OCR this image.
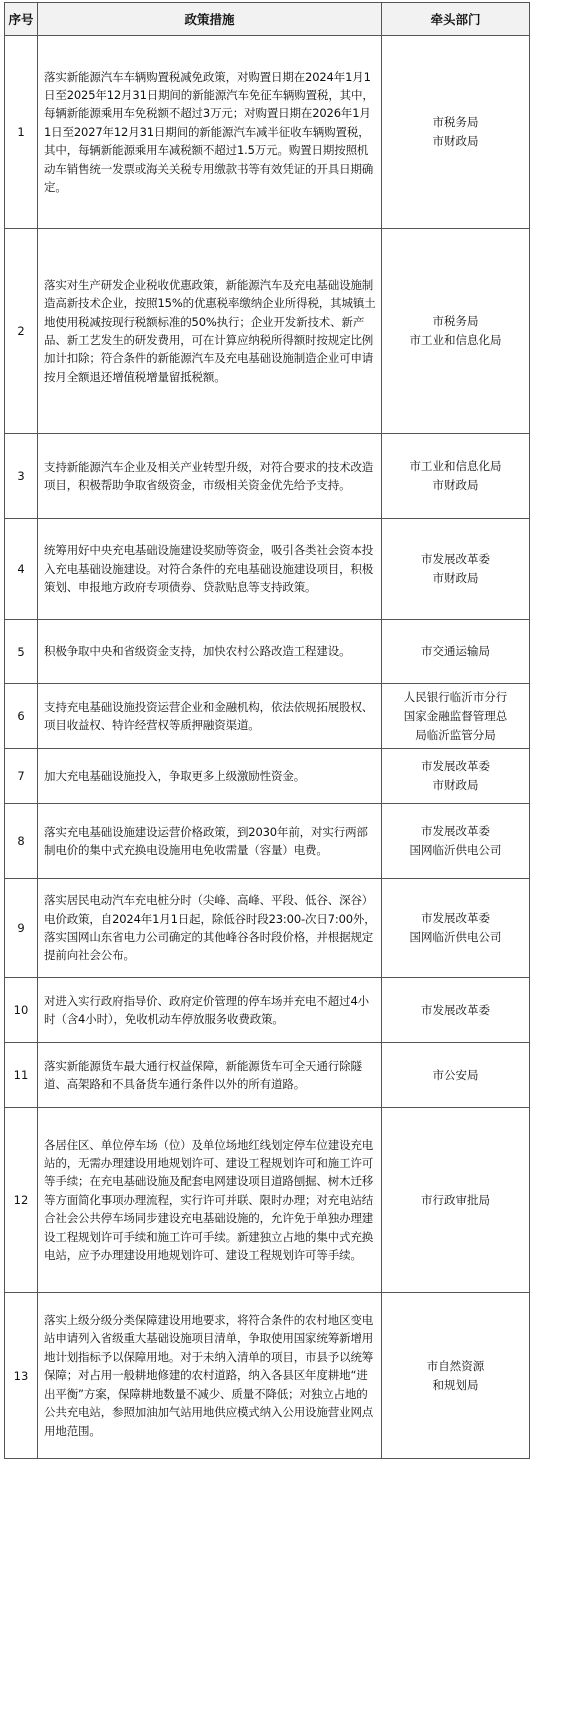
序号	政策措施	牵头部门
1	落实新能源汽车车辆购置税减免政策，对购置日期在2024年1月1日至2025年12月31日期间的新能源汽车免征车辆购置税，其中，每辆新能源乘用车免税额不超过3万元；对购置日期在2026年1月1日至2027年12月31日期间的新能源汽车减半征收车辆购置税，其中，每辆新能源乘用车减税额不超过1.5万元。购置日期按照机动车销售统一发票或海关关税专用缴款书等有效凭证的开具日期确定。	市税务局
市财政局

2	落实对生产研发企业税收优惠政策，新能源汽车及充电基础设施制造高新技术企业，按照15%的优惠税率缴纳企业所得税，其城镇土地使用税减按现行税额标准的50%执行；企业开发新技术、新产品、新工艺发生的研发费用，可在计算应纳税所得额时按规定比例加计扣除；符合条件的新能源汽车及充电基础设施制造企业可申请按月全额退还增值税增量留抵税额。	市税务局
市工业和信息化局

3	支持新能源汽车企业及相关产业转型升级，对符合要求的技术改造项目，积极帮助争取省级资金，市级相关资金优先给予支持。	市工业和信息化局
市财政局

4	统筹用好中央充电基础设施建设奖励等资金，吸引各类社会资本投入充电基础设施建设。对符合条件的充电基础设施建设项目，积极策划、申报地方政府专项债券、贷款贴息等支持政策。	市发展改革委
市财政局

5	积极争取中央和省级资金支持，加快农村公路改造工程建设。	市交通运输局

6	支持充电基础设施投资运营企业和金融机构，依法依规拓展股权、项目收益权、特许经营权等质押融资渠道。	人民银行临沂市分行
国家金融监督管理总
局临沂监管分局

7	加大充电基础设施投入，争取更多上级激励性资金。	市发展改革委
市财政局

8	落实充电基础设施建设运营价格政策，到2030年前，对实行两部制电价的集中式充换电设施用电免收需量（容量）电费。	市发展改革委
国网临沂供电公司

9	落实居民电动汽车充电桩分时（尖峰、高峰、平段、低谷、深谷）电价政策，自2024年1月1日起，除低谷时段23:00-次日7:00外，落实国网山东省电力公司确定的其他峰谷各时段价格，并根据规定提前向社会公布。	市发展改革委
国网临沂供电公司

10	对进入实行政府指导价、政府定价管理的停车场并充电不超过4小时（含4小时），免收机动车停放服务收费政策。	市发展改革委

11	落实新能源货车最大通行权益保障，新能源货车可全天通行除隧道、高架路和不具备货车通行条件以外的所有道路。	市公安局

12	各居住区、单位停车场（位）及单位场地红线划定停车位建设充电站的，无需办理建设用地规划许可、建设工程规划许可和施工许可等手续；在充电基础设施及配套电网建设项目道路刨掘、树木迁移等方面简化事项办理流程，实行许可并联、限时办理；对充电站结合社会公共停车场同步建设充电基础设施的，允许免于单独办理建设工程规划许可手续和施工许可手续。新建独立占地的集中式充换电站，应予办理建设用地规划许可、建设工程规划许可等手续。	市行政审批局

13	落实上级分级分类保障建设用地要求，将符合条件的农村地区变电站申请列入省级重大基础设施项目清单，争取使用国家统筹新增用地计划指标予以保障用地。对于未纳入清单的项目，市县予以统筹保障；对占用一般耕地修建的农村道路，纳入各县区年度耕地“进出平衡”方案，保障耕地数量不减少、质量不降低；对独立占地的公共充电站，参照加油加气站用地供应模式纳入公用设施营业网点用地范围。	市自然资源
和规划局
